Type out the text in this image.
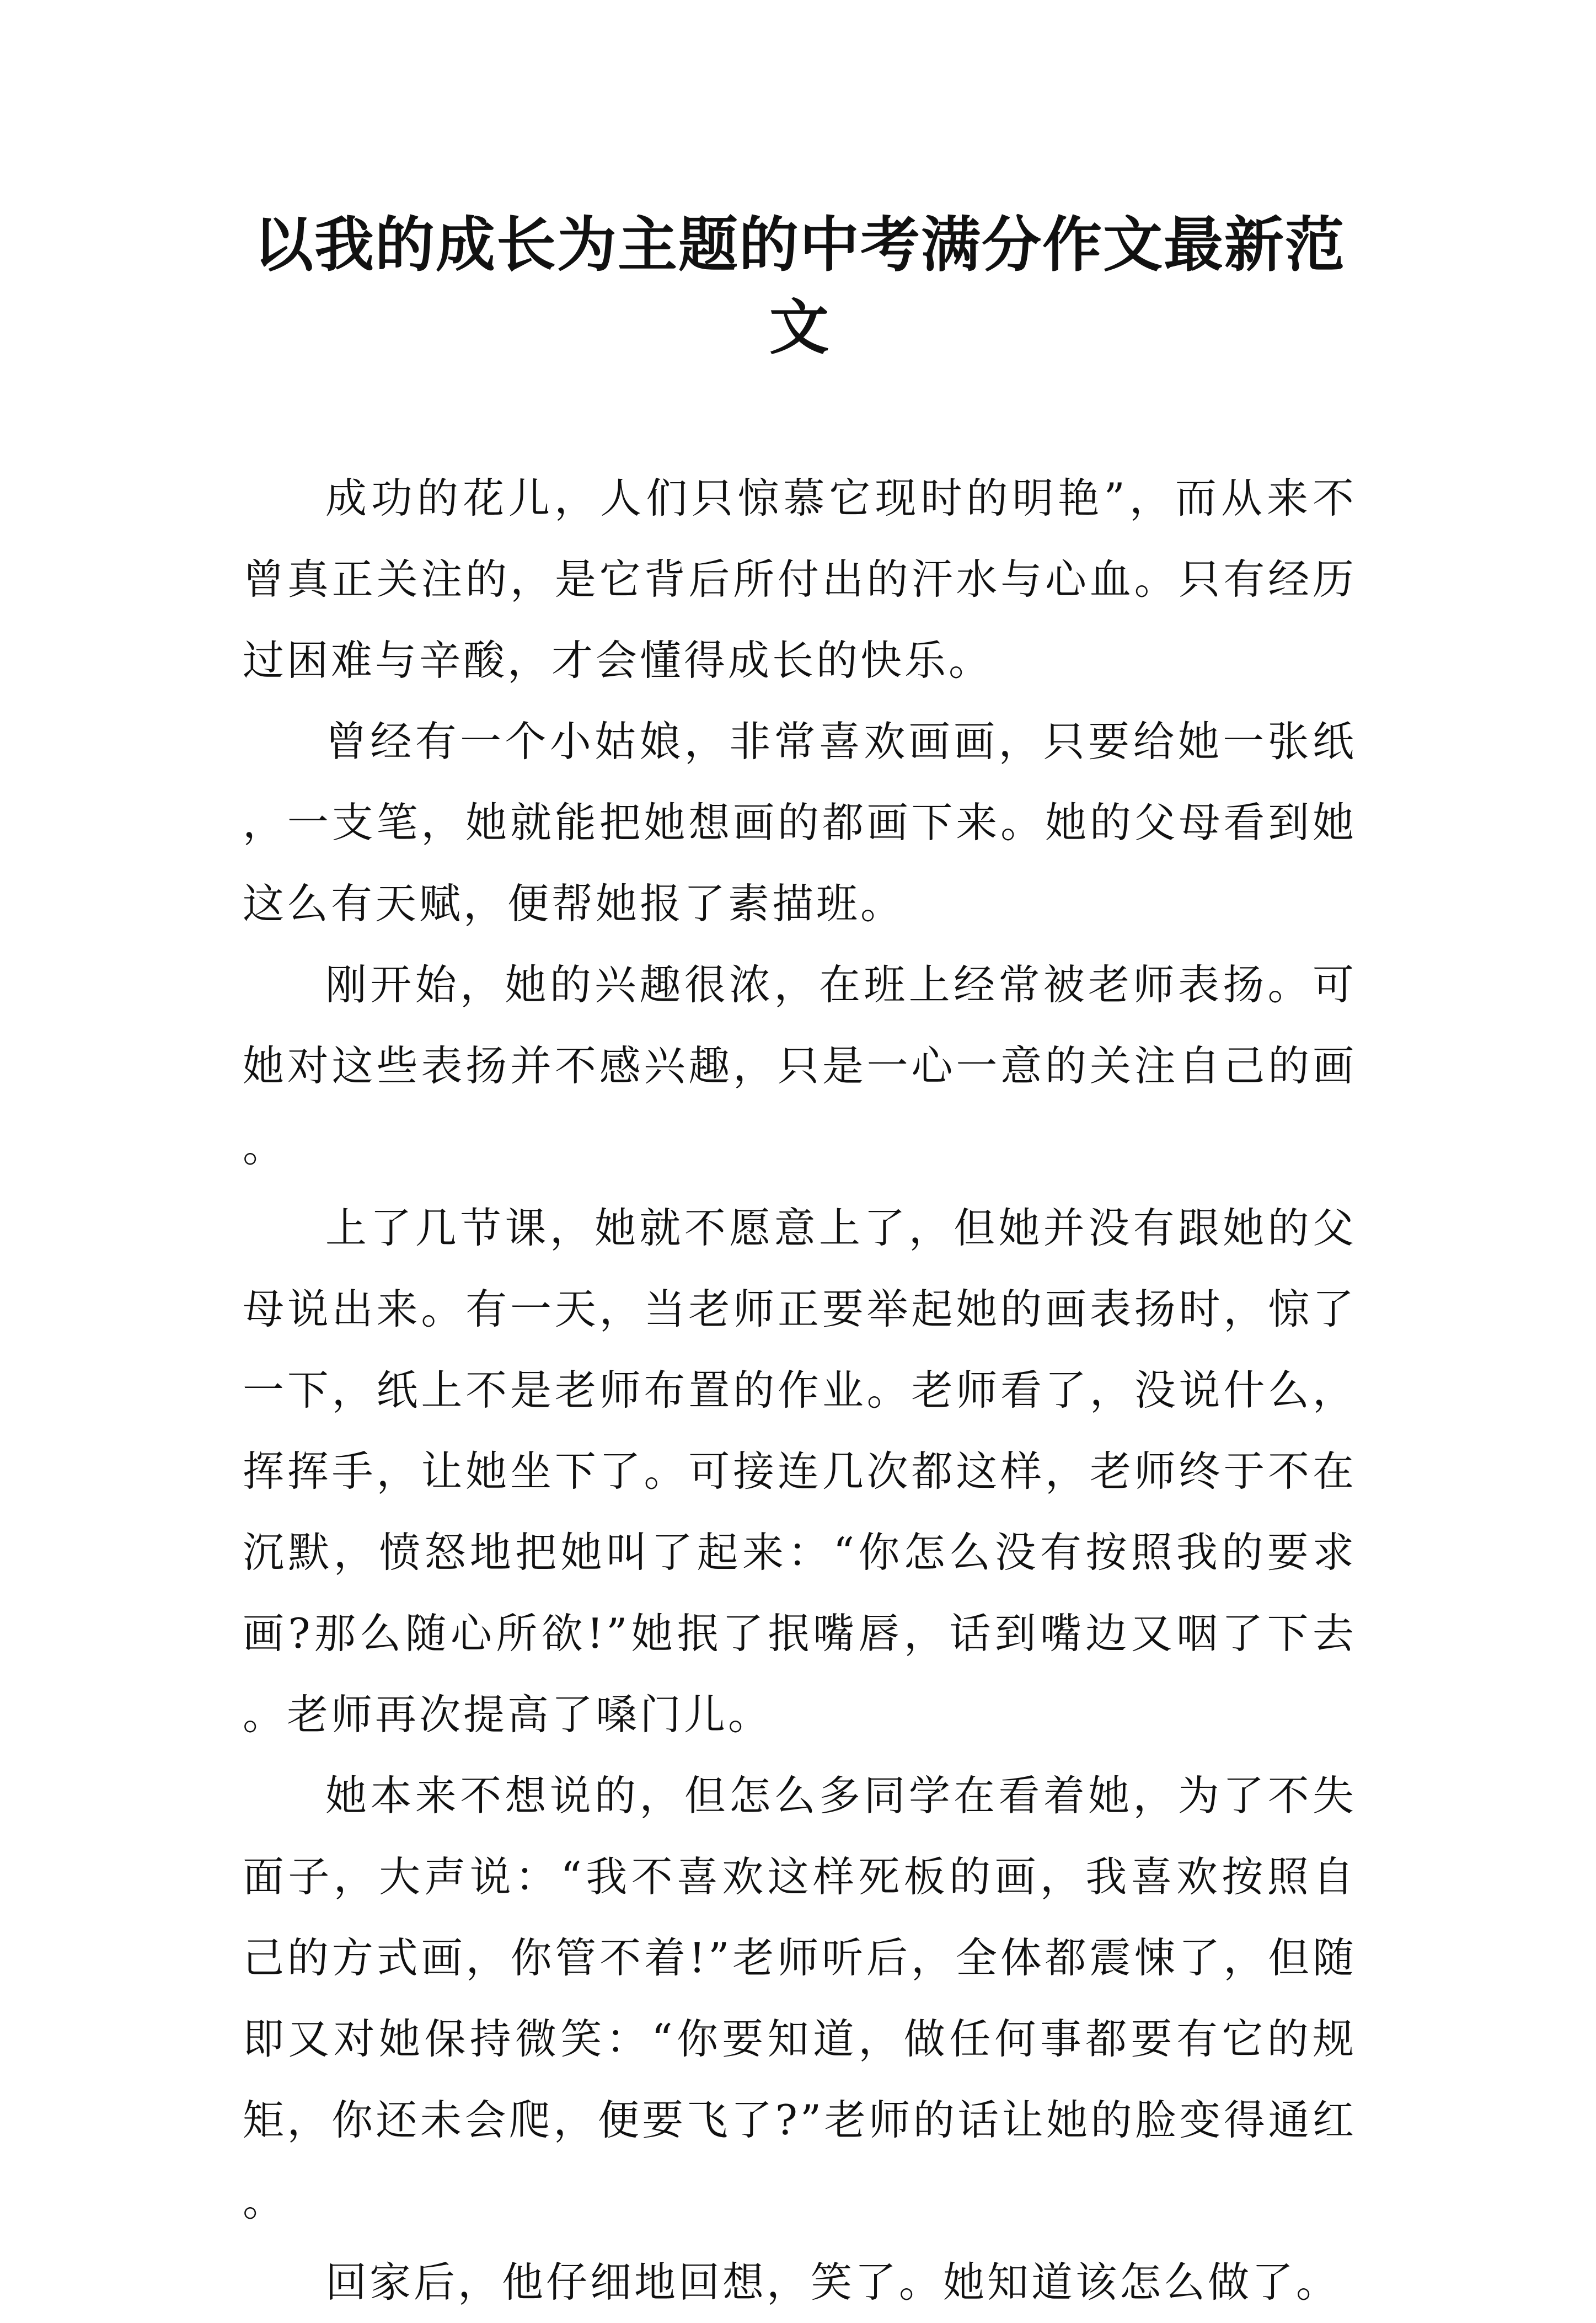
以我的成长为主题的中考满分作文最新范文

成功的花儿，人们只惊慕它现时的明艳”，而从来不曾真正关注的，是它背后所付出的汗水与心血。只有经历过困难与辛酸，才会懂得成长的快乐。

曾经有一个小姑娘，非常喜欢画画，只要给她一张纸，一支笔，她就能把她想画的都画下来。她的父母看到她这么有天赋，便帮她报了素描班。

刚开始，她的兴趣很浓，在班上经常被老师表扬。可她对这些表扬并不感兴趣，只是一心一意的关注自己的画。

上了几节课，她就不愿意上了，但她并没有跟她的父母说出来。有一天，当老师正要举起她的画表扬时，惊了一下，纸上不是老师布置的作业。老师看了，没说什么，挥挥手，让她坐下了。可接连几次都这样，老师终于不在沉默，愤怒地把她叫了起来：“你怎么没有按照我的要求画?那么随心所欲!”她抿了抿嘴唇，话到嘴边又咽了下去。老师再次提高了嗓门儿。

她本来不想说的，但怎么多同学在看着她，为了不失面子，大声说：“我不喜欢这样死板的画，我喜欢按照自己的方式画，你管不着!”老师听后，全体都震悚了，但随即又对她保持微笑：“你要知道，做任何事都要有它的规矩，你还未会爬，便要飞了?”老师的话让她的脸变得通红。

回家后，他仔细地回想，笑了。她知道该怎么做了。
